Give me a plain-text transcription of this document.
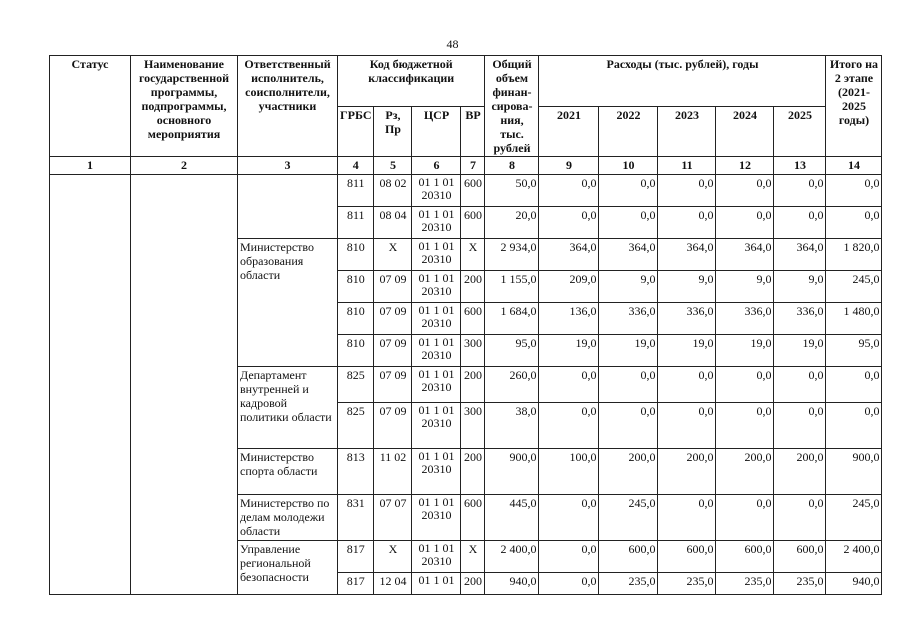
48
Статус	Наименование государственной программы, подпрограммы, основного мероприятия	Ответственный исполнитель, соисполнители, участники	Код бюджетной классификации				Общий объем финан-сирова-ния, тыс. рублей	Расходы (тыс. рублей), годы					Итого на 2 этапе (2021-2025 годы)
			ГРБС	Рз, Пр	ЦСР	ВР		2021	2022	2023	2024	2025	
1	2	3	4	5	6	7	8	9	10	11	12	13	14
			811	08 02	01 1 01 20310	600	50,0	0,0	0,0	0,0	0,0	0,0	0,0
			811	08 04	01 1 01 20310	600	20,0	0,0	0,0	0,0	0,0	0,0	0,0
		Министерство образования области	810	X	01 1 01 20310	X	2 934,0	364,0	364,0	364,0	364,0	364,0	1 820,0
			810	07 09	01 1 01 20310	200	1 155,0	209,0	9,0	9,0	9,0	9,0	245,0
			810	07 09	01 1 01 20310	600	1 684,0	136,0	336,0	336,0	336,0	336,0	1 480,0
			810	07 09	01 1 01 20310	300	95,0	19,0	19,0	19,0	19,0	19,0	95,0
		Департамент внутренней и кадровой политики области	825	07 09	01 1 01 20310	200	260,0	0,0	0,0	0,0	0,0	0,0	0,0
			825	07 09	01 1 01 20310	300	38,0	0,0	0,0	0,0	0,0	0,0	0,0
		Министерство спорта области	813	11 02	01 1 01 20310	200	900,0	100,0	200,0	200,0	200,0	200,0	900,0
		Министерство по делам молодежи области	831	07 07	01 1 01 20310	600	445,0	0,0	245,0	0,0	0,0	0,0	245,0
		Управление региональной безопасности	817	X	01 1 01 20310	X	2 400,0	0,0	600,0	600,0	600,0	600,0	2 400,0
			817	12 04	01 1 01	200	940,0	0,0	235,0	235,0	235,0	235,0	940,0
